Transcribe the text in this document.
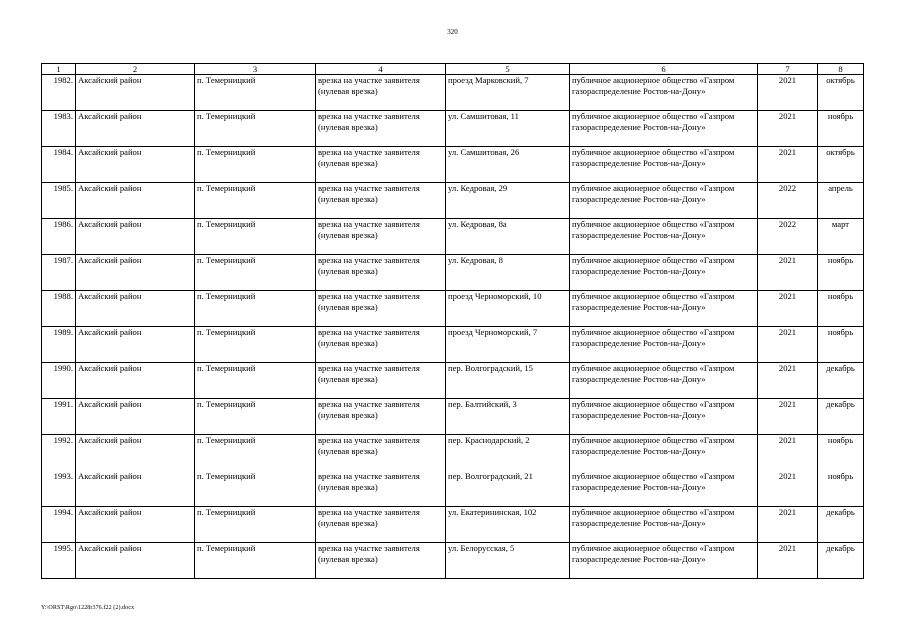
320
1	2	3	4	5	6	7	8
1982.	Аксайский район	п. Темерницкий	врезка на участке заявителя (нулевая врезка)	проезд Марковский, 7	публичное акционерное общество «Газпром газораспределение Ростов-на-Дону»	2021	октябрь
1983.	Аксайский район	п. Темерницкий	врезка на участке заявителя (нулевая врезка)	ул. Самшитовая, 11	публичное акционерное общество «Газпром газораспределение Ростов-на-Дону»	2021	ноябрь
1984.	Аксайский район	п. Темерницкий	врезка на участке заявителя (нулевая врезка)	ул. Самшитовая, 26	публичное акционерное общество «Газпром газораспределение Ростов-на-Дону»	2021	октябрь
1985.	Аксайский район	п. Темерницкий	врезка на участке заявителя (нулевая врезка)	ул. Кедровая, 29	публичное акционерное общество «Газпром газораспределение Ростов-на-Дону»	2022	апрель
1986.	Аксайский район	п. Темерницкий	врезка на участке заявителя (нулевая врезка)	ул. Кедровая, 8а	публичное акционерное общество «Газпром газораспределение Ростов-на-Дону»	2022	март
1987.	Аксайский район	п. Темерницкий	врезка на участке заявителя (нулевая врезка)	ул. Кедровая, 8	публичное акционерное общество «Газпром газораспределение Ростов-на-Дону»	2021	ноябрь
1988.	Аксайский район	п. Темерницкий	врезка на участке заявителя (нулевая врезка)	проезд Черноморский, 10	публичное акционерное общество «Газпром газораспределение Ростов-на-Дону»	2021	ноябрь
1989.	Аксайский район	п. Темерницкий	врезка на участке заявителя (нулевая врезка)	проезд Черноморский, 7	публичное акционерное общество «Газпром газораспределение Ростов-на-Дону»	2021	ноябрь
1990.	Аксайский район	п. Темерницкий	врезка на участке заявителя (нулевая врезка)	пер. Волгоградский, 15	публичное акционерное общество «Газпром газораспределение Ростов-на-Дону»	2021	декабрь
1991.	Аксайский район	п. Темерницкий	врезка на участке заявителя (нулевая врезка)	пер. Балтийский, 3	публичное акционерное общество «Газпром газораспределение Ростов-на-Дону»	2021	декабрь
1992.	Аксайский район	п. Темерницкий	врезка на участке заявителя (нулевая врезка)	пер. Краснодарский, 2	публичное акционерное общество «Газпром газораспределение Ростов-на-Дону»	2021	ноябрь
1993.	Аксайский район	п. Темерницкий	врезка на участке заявителя (нулевая врезка)	пер. Волгоградский, 21	публичное акционерное общество «Газпром газораспределение Ростов-на-Дону»	2021	ноябрь
1994.	Аксайский район	п. Темерницкий	врезка на участке заявителя (нулевая врезка)	ул. Екатерининская, 102	публичное акционерное общество «Газпром газораспределение Ростов-на-Дону»	2021	декабрь
1995.	Аксайский район	п. Темерницкий	врезка на участке заявителя (нулевая врезка)	ул. Белорусская, 5	публичное акционерное общество «Газпром газораспределение Ростов-на-Дону»	2021	декабрь
Y:\ORST\Rgo\1228r376.f22 (2).docx
